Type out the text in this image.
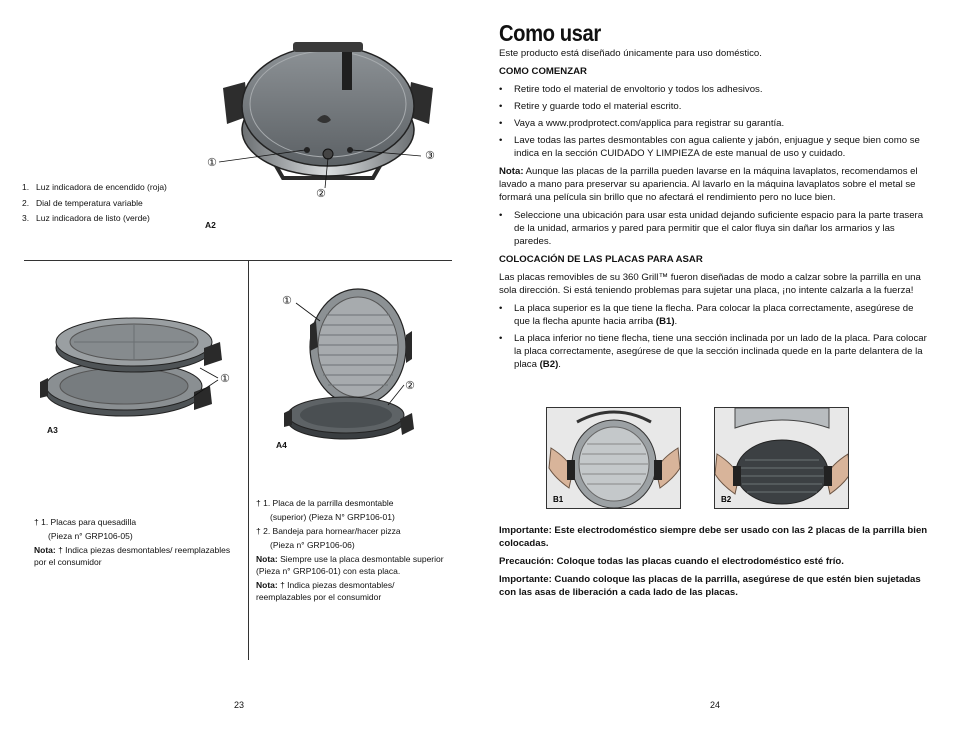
①
②
③
A2
1. Luz indicadora de encendido (roja)
2. Dial de temperatura variable
3. Luz indicadora de listo (verde)
①
A3

† 1. Placas para quesadilla

(Pieza n° GRP106-05)

Nota: † Indica piezas desmontables/ reemplazables por el consumidor

①
②
A4

† 1. Placa de la parrilla desmontable

(superior) (Pieza N° GRP106-01)

† 2. Bandeja para hornear/hacer pizza

(Pieza n° GRP106-06)

Nota: Siempre use la placa desmontable superior (Pieza n° GRP106-01) con esta placa.

Nota: † Indica piezas desmontables/ reemplazables por el consumidor

23
Como usar

Este producto está diseñado únicamente para uso doméstico.

COMO COMENZAR

• Retire todo el material de envoltorio y todos los adhesivos.
• Retire y guarde todo el material escrito.
• Vaya a www.prodprotect.com/applica para registrar su garantía.
• Lave todas las partes desmontables con agua caliente y jabón, enjuague y seque bien como se indica en la sección CUIDADO Y LIMPIEZA de este manual de uso y cuidado.

Nota: Aunque las placas de la parrilla pueden lavarse en la máquina lavaplatos, recomendamos el lavado a mano para preservar su apariencia. Al lavarlo en la máquina lavaplatos sobre el metal se formará una película sin brillo que no afectará el rendimiento pero no luce bien.

• Seleccione una ubicación para usar esta unidad dejando suficiente espacio para la parte trasera de la unidad, armarios y pared para permitir que el calor fluya sin dañar los armarios y las paredes.

COLOCACIÓN DE LAS PLACAS PARA ASAR

Las placas removibles de su 360 Grill™ fueron diseñadas de modo a calzar sobre la parrilla en una sola dirección. Si está teniendo problemas para sujetar una placa, ¡no intente calzarla a la fuerza!

• La placa superior es la que tiene la flecha. Para colocar la placa correctamente, asegúrese de que la flecha apunte hacia arriba (B1).
• La placa inferior no tiene flecha, tiene una sección inclinada por un lado de la placa. Para colocar la placa correctamente, asegúrese de que la sección inclinada quede en la parte delantera de la placa (B2).
B1	B2

Importante: Este electrodoméstico siempre debe ser usado con las 2 placas de la parrilla bien colocadas.

Precaución: Coloque todas las placas cuando el electrodoméstico esté frío.

Importante: Cuando coloque las placas de la parrilla, asegúrese de que estén bien sujetadas con las asas de liberación a cada lado de las placas.

24
